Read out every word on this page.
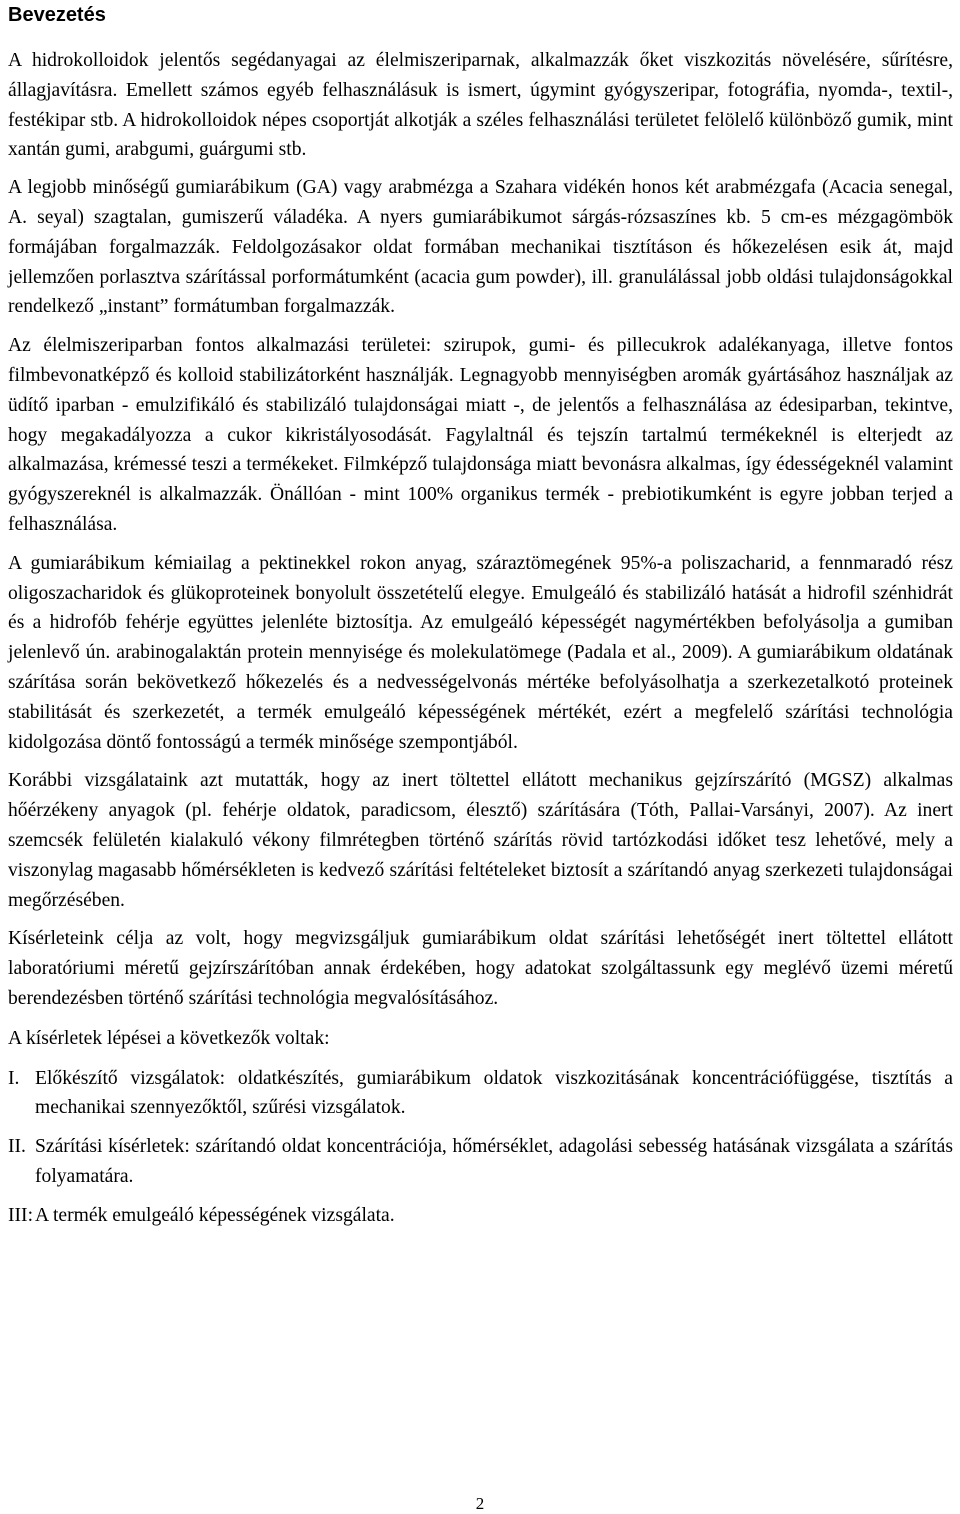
Bevezetés

A hidrokolloidok jelentős segédanyagai az élelmiszeriparnak, alkalmazzák őket viszkozitás növelésére, sűrítésre, állagjavításra. Emellett számos egyéb felhasználásuk is ismert, úgymint gyógyszeripar, fotográfia, nyomda-, textil-, festékipar stb. A hidrokolloidok népes csoportját alkotják a széles felhasználási területet felölelő különböző gumik, mint xantán gumi, arabgumi, guárgumi stb.

A legjobb minőségű gumiarábikum (GA) vagy arabmézga a Szahara vidékén honos két arabmézgafa (Acacia senegal, A. seyal) szagtalan, gumiszerű váladéka. A nyers gumiarábikumot sárgás-rózsaszínes kb. 5 cm-es mézgagömbök formájában forgalmazzák. Feldolgozásakor oldat formában mechanikai tisztításon és hőkezelésen esik át, majd jellemzően porlasztva szárítással porformátumként (acacia gum powder), ill. granulálással jobb oldási tulajdonságokkal rendelkező „instant” formátumban forgalmazzák.

Az élelmiszeriparban fontos alkalmazási területei: szirupok, gumi- és pillecukrok adalékanyaga, illetve fontos filmbevonatképző és kolloid stabilizátorként használják. Legnagyobb mennyiségben aromák gyártásához használjak az üdítő iparban - emulzifikáló és stabilizáló tulajdonságai miatt -, de jelentős a felhasználása az édesiparban, tekintve, hogy megakadályozza a cukor kikristályosodását. Fagylaltnál és tejszín tartalmú termékeknél is elterjedt az alkalmazása, krémessé teszi a termékeket. Filmképző tulajdonsága miatt bevonásra alkalmas, így édességeknél valamint gyógyszereknél is alkalmazzák. Önállóan - mint 100% organikus termék - prebiotikumként is egyre jobban terjed a felhasználása.

A gumiarábikum kémiailag a pektinekkel rokon anyag, száraztömegének 95%-a poliszacharid, a fennmaradó rész oligoszacharidok és glükoproteinek bonyolult összetételű elegye. Emulgeáló és stabilizáló hatását a hidrofil szénhidrát és a hidrofób fehérje együttes jelenléte biztosítja. Az emulgeáló képességét nagymértékben befolyásolja a gumiban jelenlevő ún. arabinogalaktán protein mennyisége és molekulatömege (Padala et al., 2009). A gumiarábikum oldatának szárítása során bekövetkező hőkezelés és a nedvességelvonás mértéke befolyásolhatja a szerkezetalkotó proteinek stabilitását és szerkezetét, a termék emulgeáló képességének mértékét, ezért a megfelelő szárítási technológia kidolgozása döntő fontosságú a termék minősége szempontjából.

Korábbi vizsgálataink azt mutatták, hogy az inert töltettel ellátott mechanikus gejzírszárító (MGSZ) alkalmas hőérzékeny anyagok (pl. fehérje oldatok, paradicsom, élesztő) szárítására (Tóth, Pallai-Varsányi, 2007). Az inert szemcsék felületén kialakuló vékony filmrétegben történő szárítás rövid tartózkodási időket tesz lehetővé, mely a viszonylag magasabb hőmérsékleten is kedvező szárítási feltételeket biztosít a szárítandó anyag szerkezeti tulajdonságai megőrzésében.

Kísérleteink célja az volt, hogy megvizsgáljuk gumiarábikum oldat szárítási lehetőségét inert töltettel ellátott laboratóriumi méretű gejzírszárítóban annak érdekében, hogy adatokat szolgáltassunk egy meglévő üzemi méretű berendezésben történő szárítási technológia megvalósításához.

A kísérletek lépései a következők voltak:

I. Előkészítő vizsgálatok: oldatkészítés, gumiarábikum oldatok viszkozitásának koncentrációfüggése, tisztítás a mechanikai szennyezőktől, szűrési vizsgálatok.

II. Szárítási kísérletek: szárítandó oldat koncentrációja, hőmérséklet, adagolási sebesség hatásának vizsgálata a szárítás folyamatára.

III: A termék emulgeáló képességének vizsgálata.

2
